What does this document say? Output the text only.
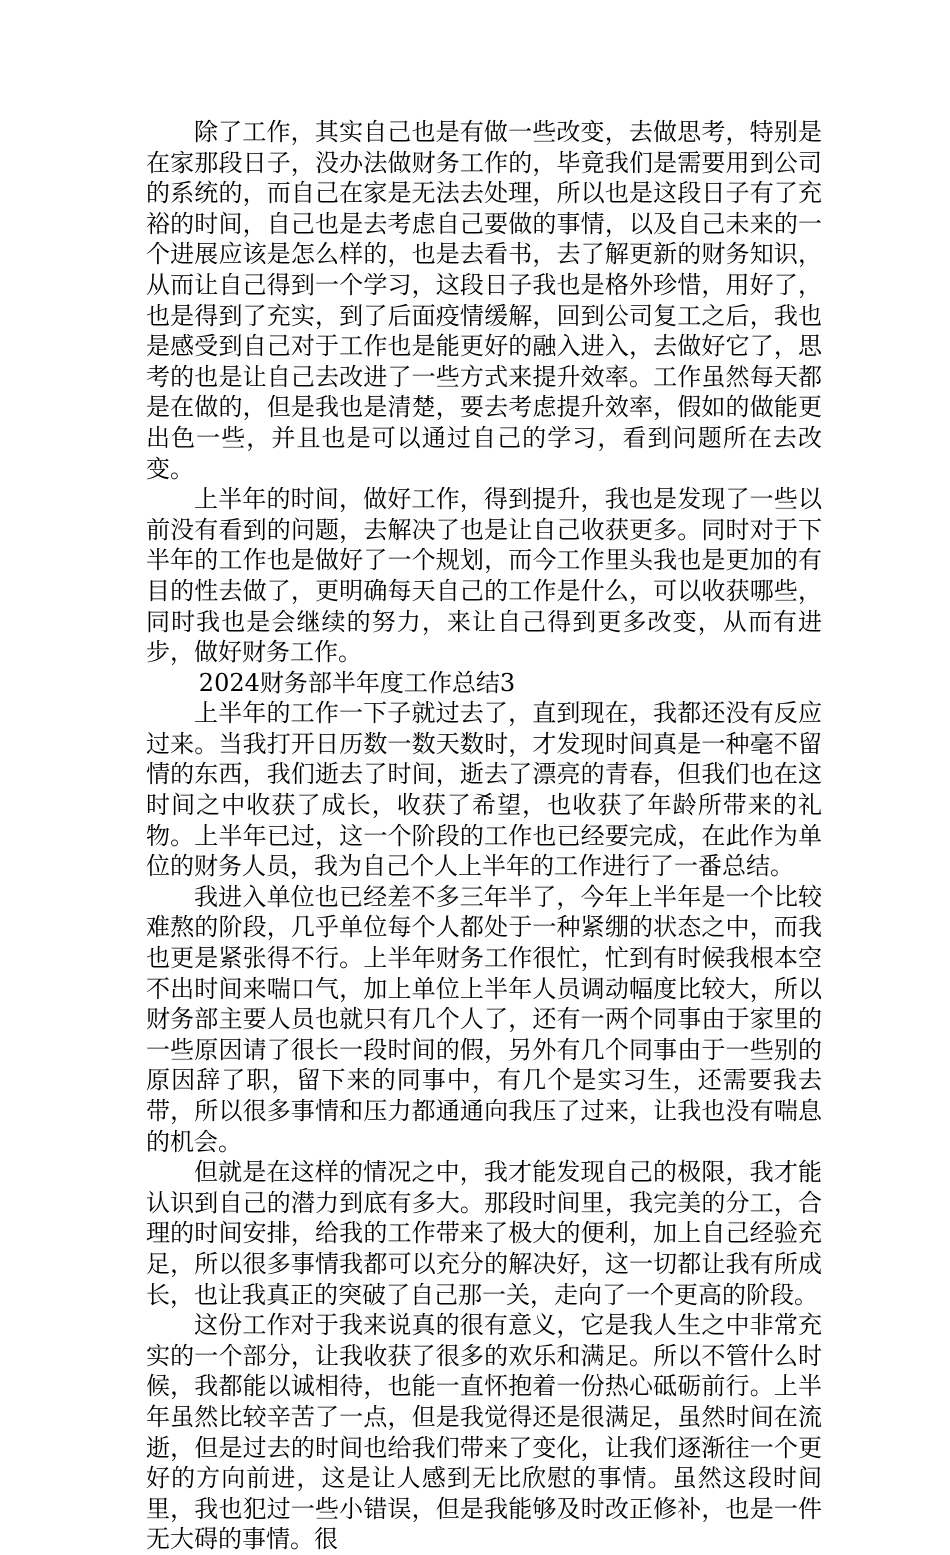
除了工作，其实自己也是有做一些改变，去做思考，特别是在家那段日子，没办法做财务工作的，毕竟我们是需要用到公司的系统的，而自己在家是无法去处理，所以也是这段日子有了充裕的时间，自己也是去考虑自己要做的事情，以及自己未来的一个进展应该是怎么样的，也是去看书，去了解更新的财务知识，从而让自己得到一个学习，这段日子我也是格外珍惜，用好了，也是得到了充实，到了后面疫情缓解，回到公司复工之后，我也是感受到自己对于工作也是能更好的融入进入，去做好它了，思考的也是让自己去改进了一些方式来提升效率。工作虽然每天都是在做的，但是我也是清楚，要去考虑提升效率，假如的做能更出色一些，并且也是可以通过自己的学习，看到问题所在去改变。

上半年的时间，做好工作，得到提升，我也是发现了一些以前没有看到的问题，去解决了也是让自己收获更多。同时对于下半年的工作也是做好了一个规划，而今工作里头我也是更加的有目的性去做了，更明确每天自己的工作是什么，可以收获哪些，同时我也是会继续的努力，来让自己得到更多改变，从而有进步，做好财务工作。

2024财务部半年度工作总结3

上半年的工作一下子就过去了，直到现在，我都还没有反应过来。当我打开日历数一数天数时，才发现时间真是一种毫不留情的东西，我们逝去了时间，逝去了漂亮的青春，但我们也在这时间之中收获了成长，收获了希望，也收获了年龄所带来的礼物。上半年已过，这一个阶段的工作也已经要完成，在此作为单位的财务人员，我为自己个人上半年的工作进行了一番总结。

我进入单位也已经差不多三年半了，今年上半年是一个比较难熬的阶段，几乎单位每个人都处于一种紧绷的状态之中，而我也更是紧张得不行。上半年财务工作很忙，忙到有时候我根本空不出时间来喘口气，加上单位上半年人员调动幅度比较大，所以财务部主要人员也就只有几个人了，还有一两个同事由于家里的一些原因请了很长一段时间的假，另外有几个同事由于一些别的原因辞了职，留下来的同事中，有几个是实习生，还需要我去带，所以很多事情和压力都通通向我压了过来，让我也没有喘息的机会。

但就是在这样的情况之中，我才能发现自己的极限，我才能认识到自己的潜力到底有多大。那段时间里，我完美的分工，合理的时间安排，给我的工作带来了极大的便利，加上自己经验充足，所以很多事情我都可以充分的解决好，这一切都让我有所成长，也让我真正的突破了自己那一关，走向了一个更高的阶段。

这份工作对于我来说真的很有意义，它是我人生之中非常充实的一个部分，让我收获了很多的欢乐和满足。所以不管什么时候，我都能以诚相待，也能一直怀抱着一份热心砥砺前行。上半年虽然比较辛苦了一点，但是我觉得还是很满足，虽然时间在流逝，但是过去的时间也给我们带来了变化，让我们逐渐往一个更好的方向前进，这是让人感到无比欣慰的事情。虽然这段时间里，我也犯过一些小错误，但是我能够及时改正修补，也是一件无大碍的事情。很
